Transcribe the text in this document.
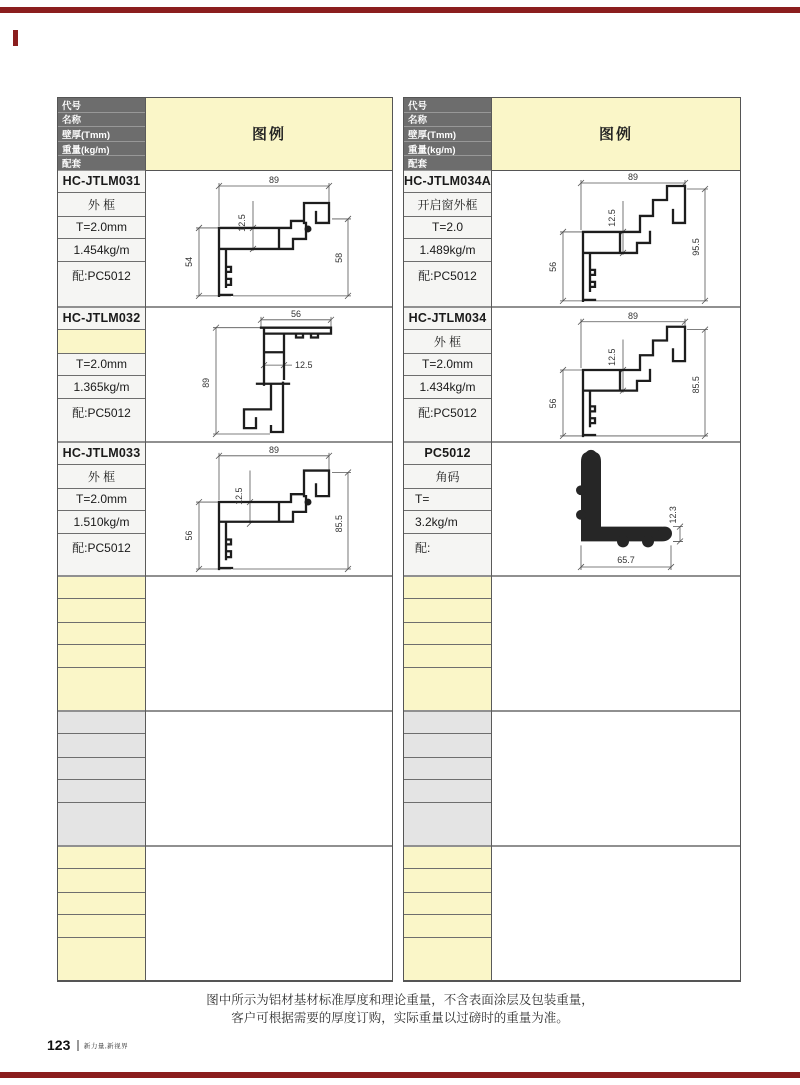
代号
名称
壁厚(Tmm)
重量(kg/m)
配套
HC-JTLM031
外 框
T=2.0mm
1.454kg/m
配:PC5012
HC-JTLM032
T=2.0mm
1.365kg/m
配:PC5012
HC-JTLM033
外 框
T=2.0mm
1.510kg/m
配:PC5012
图例
89
12.5
54	58
56
12.5
89
89
12.5
56
85.5
代号
名称
壁厚(Tmm)
重量(kg/m)
配套
HC-JTLM034A
开启窗外框
T=2.0
1.489kg/m
配:PC5012
HC-JTLM034
外 框
T=2.0mm
1.434kg/m
配:PC5012
PC5012
角码
T=
3.2kg/m
配:
图例
89
12.5
56
95.5
89
12.5
56
85.5
65.7
12.3
图中所示为铝材基材标准厚度和理论重量，不含表面涂层及包装重量，
客户可根据需要的厚度订购，实际重量以过磅时的重量为准。
123 新力量,新视界
